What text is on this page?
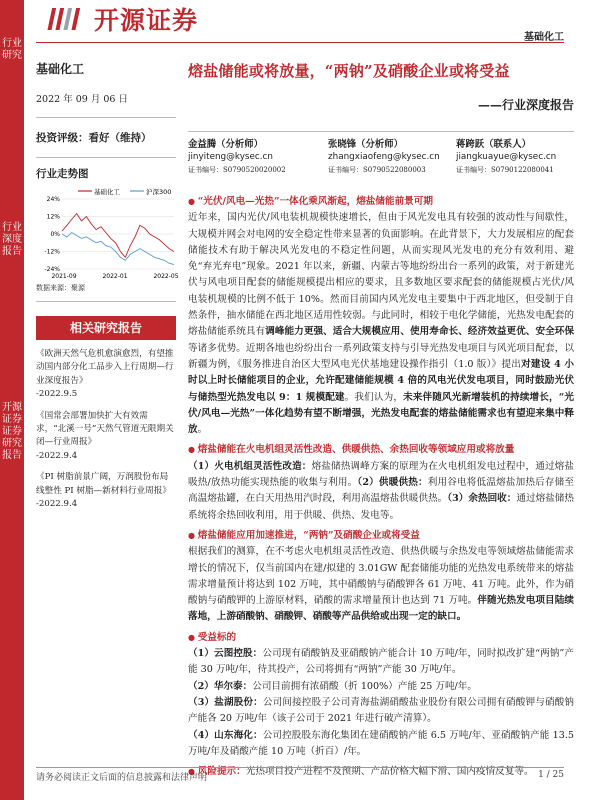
行业研究
行业深度报告
开源证券 证券研究报告
开源证券
基础化工
基础化工
2022 年 09 月 06 日
投资评级：看好（维持）
行业走势图
基础化工	沪深300
24%
12%
0%
-12%
-24%
2021-09	2022-01	2022-05
数据来源：聚源
相关研究报告
《欧洲天然气危机愈演愈烈，有望推动国内部分化工品步入上行周期—行业深度报告》
-2022.9.5
《国常会部署加快扩大有效需求，“北溪一号”天然气管道无限期关闭—行业周报》
-2022.9.4
《PI 树脂前景广阔，万润股份布局线整性 PI 树脂—新材料行业周报》
-2022.9.4
熔盐储能或将放量，“两钠”及硝酸企业或将受益
——行业深度报告
金益腾（分析师）
jinyiteng@kysec.cn
证书编号：S0790520020002
张晓锋（分析师）
zhangxiaofeng@kysec.cn
证书编号：S0790522080003
蒋跨跃（联系人）
jiangkuayue@kysec.cn
证书编号：S0790122080041
● “光伏/风电—光热”一体化乘风渐起，熔盐储能前景可期
近年来，国内光伏/风电装机规模快速增长，但由于风光发电具有较强的波动性与间歇性，大规模并网会对电网的安全稳定性带来显著的负面影响。在此背景下，大力发展相应的配套储能技术有助于解决风光发电的不稳定性问题，从而实现风光发电的充分有效利用、避免“弃光弃电”现象。2021 年以来，新疆、内蒙古等地纷纷出台一系列的政策，对于新建光伏与风电项目配套的储能规模提出相应的要求，且多数地区要求配套的储能规模占光伏/风电装机规模的比例不低于 10%。然而目前国内风光发电主要集中于西北地区，但受制于自然条件，抽水储能在西北地区适用性较弱。与此同时，相较于电化学储能，光热发电配套的熔盐储能系统具有调峰能力更强、适合大规模应用、使用寿命长、经济效益更优、安全环保等诸多优势。近期各地也纷纷出台一系列政策支持与引导光热发电项目与风光项目配套，以新疆为例，《服务推进自治区大型风电光伏基地建设操作指引（1.0 版）》提出对建设 4 小时以上时长储能项目的企业，允许配建储能规模 4 倍的风电光伏发电项目，同时鼓励光伏与储热型光热发电以 9：1 规模配建。我们认为，未来伴随风光新增装机的持续增长，“光伏/风电—光热”一体化趋势有望不断增强，光热发电配套的熔盐储能需求也有望迎来集中释放。
● 熔盐储能在火电机组灵活性改造、供暖供热、余热回收等领域应用或将放量
（1）火电机组灵活性改造：熔盐储热调峰方案的原理为在火电机组发电过程中，通过熔盐吸热/放热功能实现热能的收集与利用。（2）供暖供热：利用谷电将低温熔盐加热后存储至高温熔盐罐，在白天用热用汽时段，利用高温熔盐供暖供热。（3）余热回收：通过熔盐储热系统将余热回收利用，用于供暖、供热、发电等。
● 熔盐储能应用加速推进，“两钠”及硝酸企业或将受益
根据我们的测算，在不考虑火电机组灵活性改造、供热供暖与余热发电等领域熔盐储能需求增长的情况下，仅当前国内在建/拟建的 3.01GW 配套储能功能的光热发电系统带来的熔盐需求增量预计将达到 102 万吨，其中硝酸钠与硝酸钾各 61 万吨、41 万吨。此外，作为硝酸钠与硝酸钾的上游原材料，硝酸的需求增量预计也达到 71 万吨。伴随光热发电项目陆续落地，上游硝酸钠、硝酸钾、硝酸等产品供给或出现一定的缺口。
● 受益标的
（1）云图控股：公司现有硝酸钠及亚硝酸钠产能合计 10 万吨/年，同时拟改扩建“两钠”产能 30 万吨/年，待其投产，公司将拥有“两钠”产能 30 万吨/年。
（2）华尔泰：公司目前拥有浓硝酸（折 100%）产能 25 万吨/年。
（3）盐湖股份：公司间接控股子公司青海盐湖硝酸盐业股份有限公司拥有硝酸钾与硝酸钠产能各 20 万吨/年（该子公司于 2021 年进行破产清算）。
（4）山东海化：公司控股股东海化集团在建硝酸钠产能 6.5 万吨/年、亚硝酸钠产能 13.5 万吨/年及硝酸产能 10 万吨（折百）/年。
● 风险提示：光热项目投产进程不及预期、产品价格大幅下滑、国内疫情反复等。
请务必阅读正文后面的信息披露和法律声明	1 / 25
